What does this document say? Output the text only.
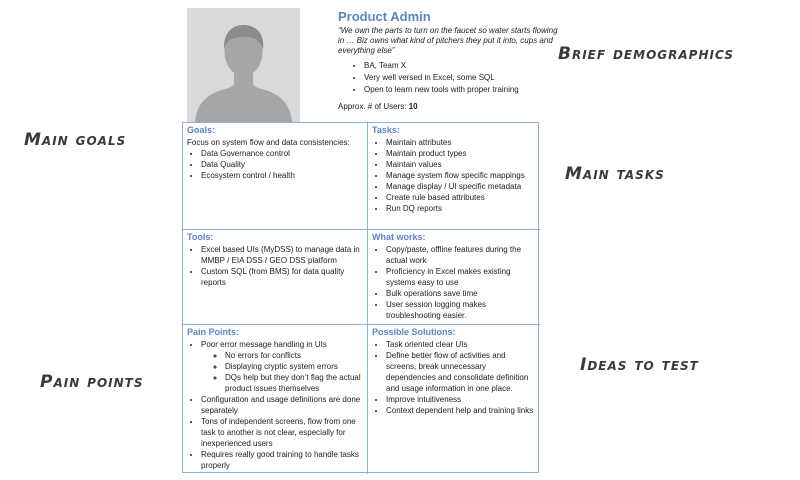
Brief demographics
Main goals
Main tasks
Ideas to test
Pain points
Product Admin
“We own the parts to turn on the faucet so water starts flowing in … Biz owns what kind of pitchers they put it into, cups and everything else”
• BA, Team X
• Very well versed in Excel, some SQL
• Open to learn new tools with proper training
Approx. # of Users: 10
Goals:

Focus on system flow and data consistencies:

• Data Governance control
• Data Quality
• Ecosystem control / health
Tasks:
• Maintain attributes
• Maintain product types
• Maintain values
• Manage system flow specific mappings
• Manage display / UI specific metadata
• Create rule based attributes
• Run DQ reports
Tools:
• Excel based UIs (MyDSS) to manage data in MMBP / EIA DSS / GEO DSS platform
• Custom SQL (from BMS) for data quality reports
What works:
• Copy/paste, offline features during the actual work
• Proficiency in Excel makes existing systems easy to use
• Bulk operations save time
• User session logging makes troubleshooting easier.
Pain Points:
• Poor error message handling in UIs
◦ No errors for conflicts
◦ Displaying cryptic system errors
◦ DQs help but they don’t flag the actual product issues themselves
• Configuration and usage definitions are done separately
• Tons of independent screens, flow from one task to another is not clear, especially for inexperienced users
• Requires really good training to handle tasks properly
Possible Solutions:
• Task oriented clear UIs
• Define better flow of activities and screens, break unnecessary dependencies and consolidate definition and usage information in one place.
• Improve intuitiveness
• Context dependent help and training links
